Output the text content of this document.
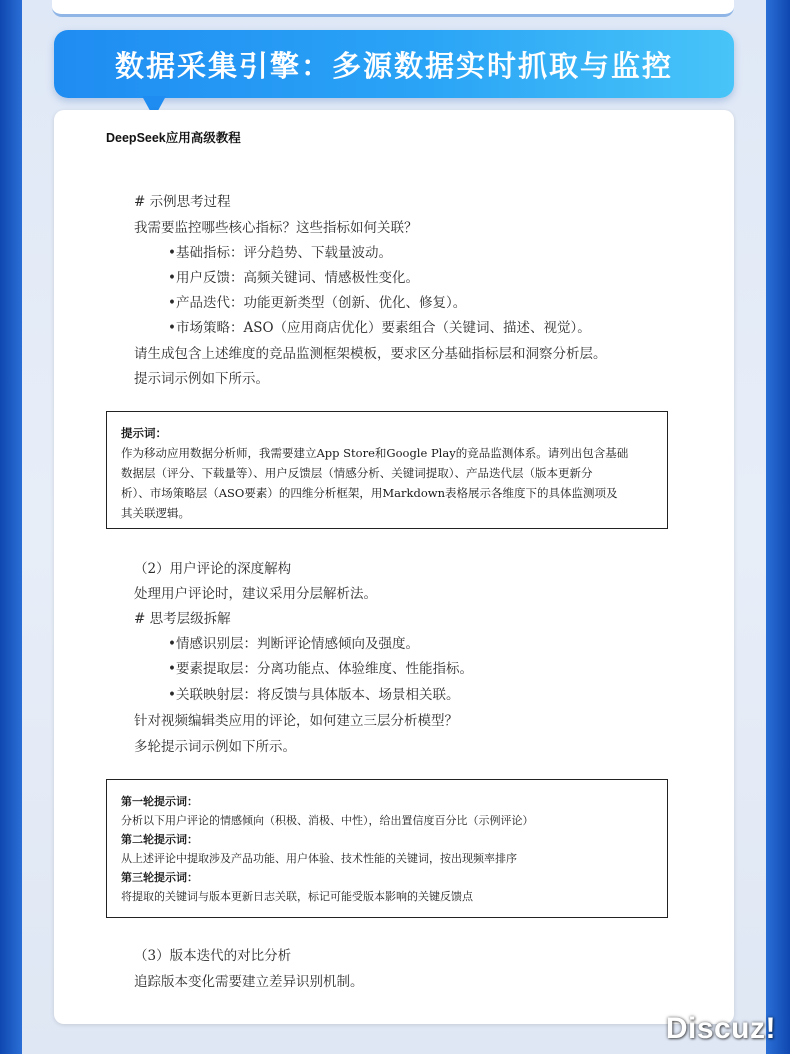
数据采集引擎：多源数据实时抓取与监控
DeepSeek应用高级教程
# 示例思考过程
我需要监控哪些核心指标？这些指标如何关联？
•基础指标：评分趋势、下载量波动。
•用户反馈：高频关键词、情感极性变化。
•产品迭代：功能更新类型（创新、优化、修复）。
•市场策略：ASO（应用商店优化）要素组合（关键词、描述、视觉）。
请生成包含上述维度的竞品监测框架模板，要求区分基础指标层和洞察分析层。
提示词示例如下所示。
提示词：
作为移动应用数据分析师，我需要建立App Store和Google Play的竞品监测体系。请列出包含基础
数据层（评分、下载量等）、用户反馈层（情感分析、关键词提取）、产品迭代层（版本更新分
析）、市场策略层（ASO要素）的四维分析框架，用Markdown表格展示各维度下的具体监测项及
其关联逻辑。
（2）用户评论的深度解构
处理用户评论时，建议采用分层解析法。
# 思考层级拆解
•情感识别层：判断评论情感倾向及强度。
•要素提取层：分离功能点、体验维度、性能指标。
•关联映射层：将反馈与具体版本、场景相关联。
针对视频编辑类应用的评论，如何建立三层分析模型？
多轮提示词示例如下所示。
第一轮提示词：
分析以下用户评论的情感倾向（积极、消极、中性），给出置信度百分比（示例评论）
第二轮提示词：
从上述评论中提取涉及产品功能、用户体验、技术性能的关键词，按出现频率排序
第三轮提示词：
将提取的关键词与版本更新日志关联，标记可能受版本影响的关键反馈点
（3）版本迭代的对比分析
追踪版本变化需要建立差异识别机制。
Discuz!
